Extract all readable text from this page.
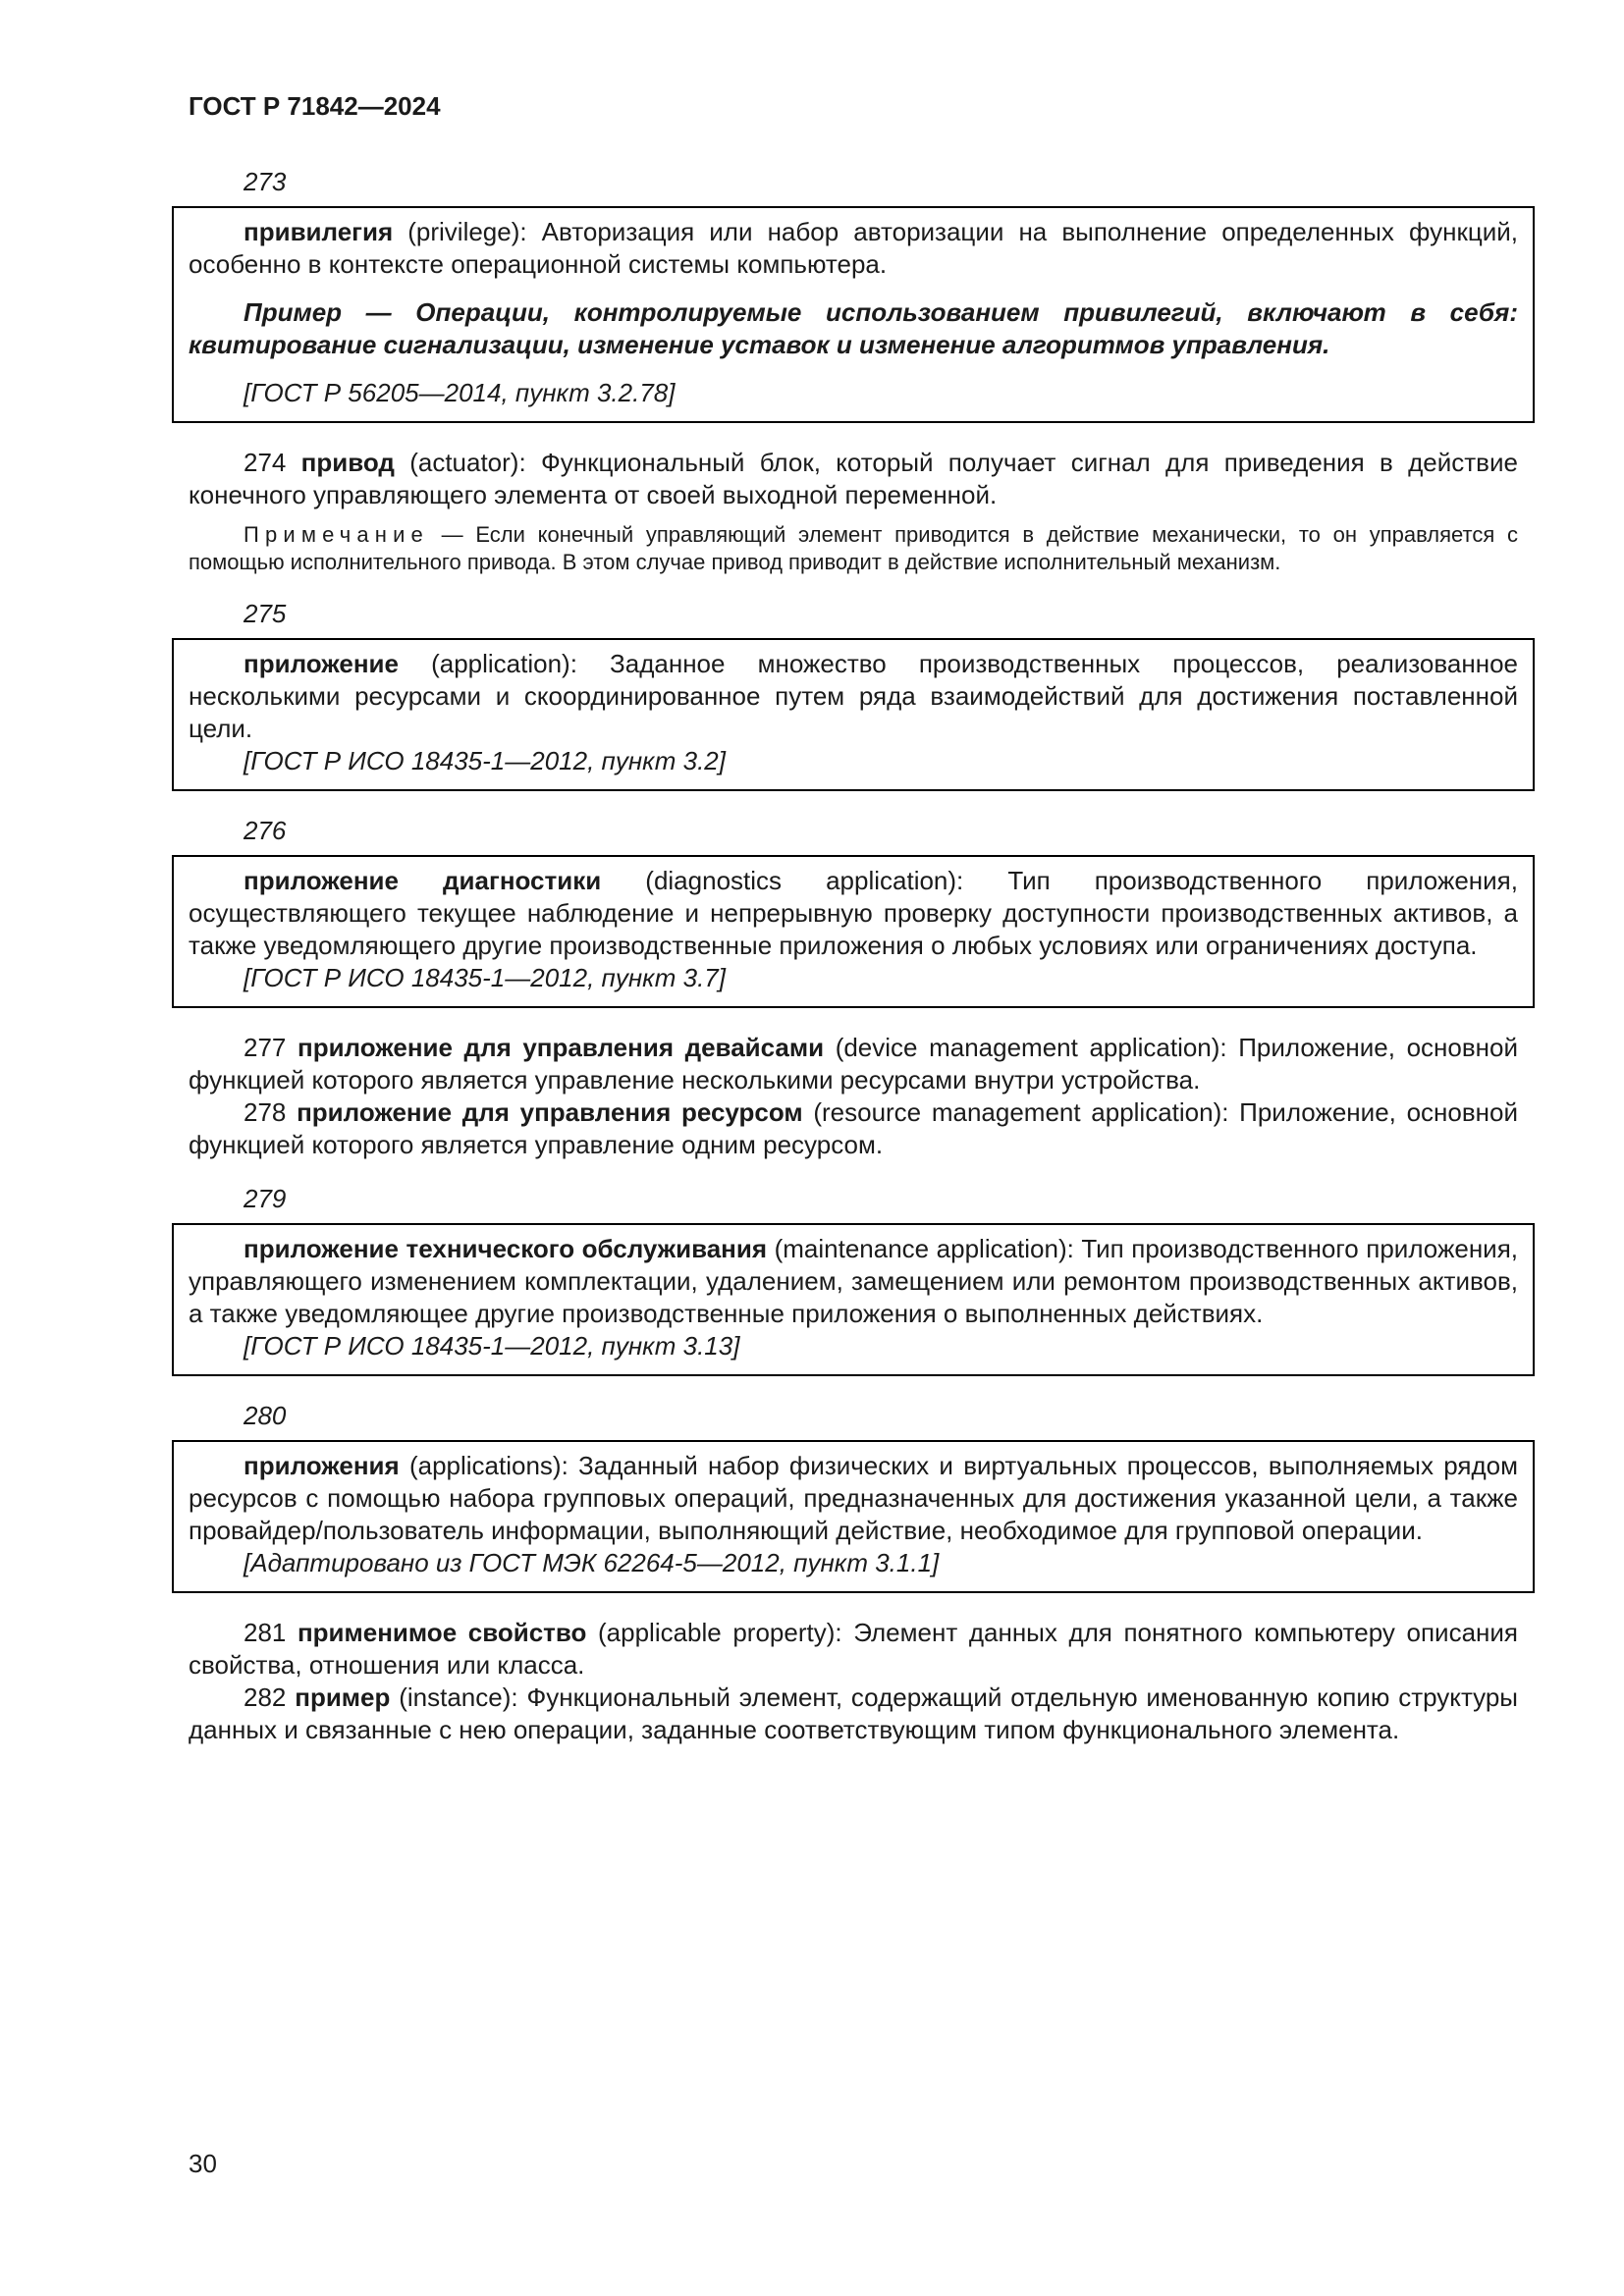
ГОСТ Р 71842—2024

273

привилегия (privilege): Авторизация или набор авторизации на выполнение определенных функций, особенно в контексте операционной системы компьютера.

Пример — Операции, контролируемые использованием привилегий, включают в себя: квитирование сигнализации, изменение уставок и изменение алгоритмов управления.

[ГОСТ Р 56205—2014, пункт 3.2.78]

274 привод (actuator): Функциональный блок, который получает сигнал для приведения в действие конечного управляющего элемента от своей выходной переменной.

Примечание — Если конечный управляющий элемент приводится в действие механически, то он управляется с помощью исполнительного привода. В этом случае привод приводит в действие исполнительный механизм.

275

приложение (application): Заданное множество производственных процессов, реализованное несколькими ресурсами и скоординированное путем ряда взаимодействий для достижения поставленной цели.

[ГОСТ Р ИСО 18435-1—2012, пункт 3.2]

276

приложение диагностики (diagnostics application): Тип производственного приложения, осуществляющего текущее наблюдение и непрерывную проверку доступности производственных активов, а также уведомляющего другие производственные приложения о любых условиях или ограничениях доступа.

[ГОСТ Р ИСО 18435-1—2012, пункт 3.7]

277 приложение для управления девайсами (device management application): Приложение, основной функцией которого является управление несколькими ресурсами внутри устройства.

278 приложение для управления ресурсом (resource management application): Приложение, основной функцией которого является управление одним ресурсом.

279

приложение технического обслуживания (maintenance application): Тип производственного приложения, управляющего изменением комплектации, удалением, замещением или ремонтом производственных активов, а также уведомляющее другие производственные приложения о выполненных действиях.

[ГОСТ Р ИСО 18435-1—2012, пункт 3.13]

280

приложения (applications): Заданный набор физических и виртуальных процессов, выполняемых рядом ресурсов с помощью набора групповых операций, предназначенных для достижения указанной цели, а также провайдер/пользователь информации, выполняющий действие, необходимое для групповой операции.

[Адаптировано из ГОСТ МЭК 62264-5—2012, пункт 3.1.1]

281 применимое свойство (applicable property): Элемент данных для понятного компьютеру описания свойства, отношения или класса.

282 пример (instance): Функциональный элемент, содержащий отдельную именованную копию структуры данных и связанные с нею операции, заданные соответствующим типом функционального элемента.

30
